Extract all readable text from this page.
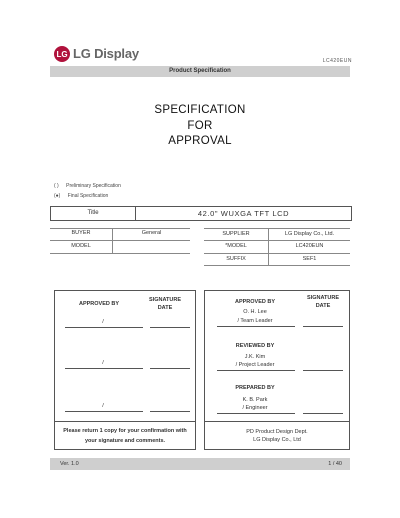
LG LG Display	LC420EUN
Product Specification
SPECIFICATION
FOR
APPROVAL
( ) Preliminary Specification
(●) Final Specification
Title	42.0" WUXGA TFT LCD
BUYER	General
MODEL
SUPPLIER	LG Display Co., Ltd.
*MODEL	LC420EUN
SUFFIX	SEF1
APPROVED BY
SIGNATURE
DATE
/
/
/
Please return 1 copy for your confirmation with
your signature and comments.
APPROVED BY
SIGNATURE
DATE
O. H. Lee
/ Team Leader
REVIEWED BY
J.K. Kim
/ Project Leader
PREPARED BY
K. B. Park
/ Engineer
PD Product Design Dept.
LG Display Co., Ltd
Ver. 1.0	1 / 40
